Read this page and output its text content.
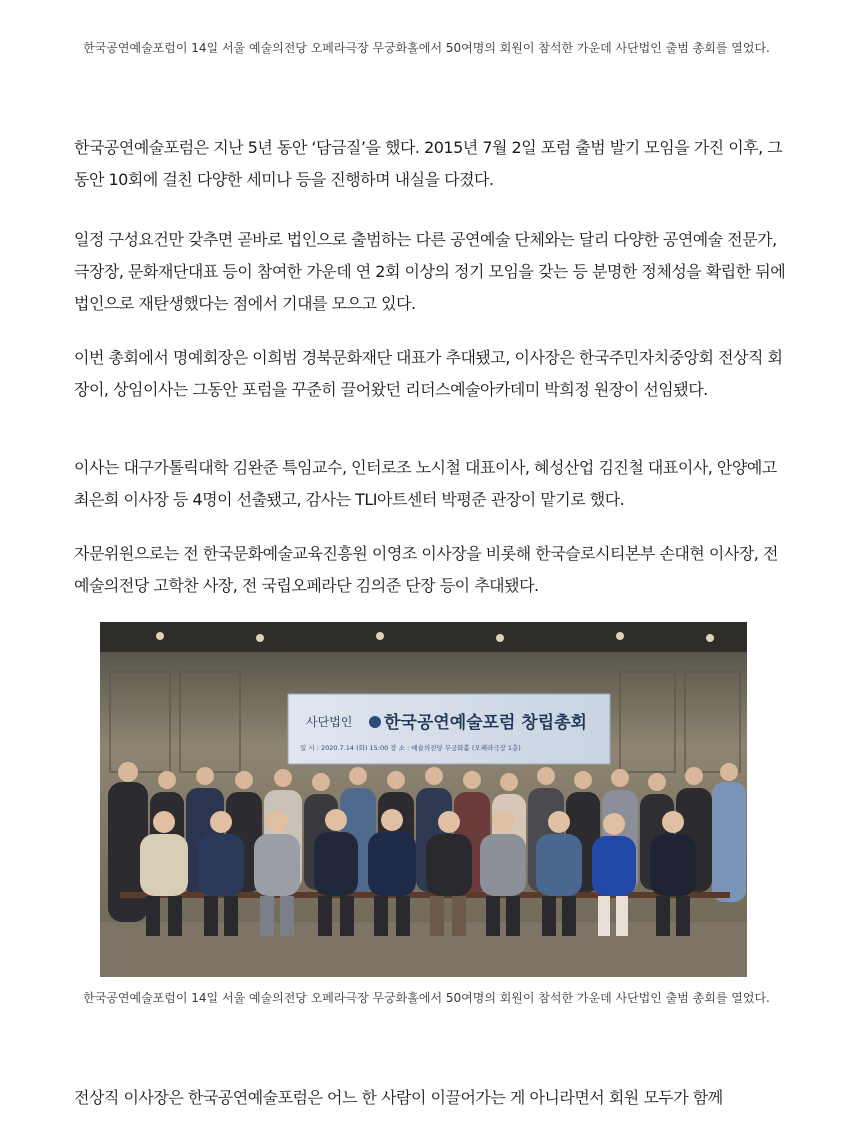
한국공연예술포럼이 14일 서울 예술의전당 오페라극장 무궁화홀에서 50여명의 회원이 참석한 가운데 사단법인 출범 총회를 열었다.

한국공연예술포럼은 지난 5년 동안 ‘담금질’을 했다. 2015년 7월 2일 포럼 출범 발기 모임을 가진 이후, 그동안 10회에 걸친 다양한 세미나 등을 진행하며 내실을 다졌다.

일정 구성요건만 갖추면 곧바로 법인으로 출범하는 다른 공연예술 단체와는 달리 다양한 공연예술 전문가, 극장장, 문화재단대표 등이 참여한 가운데 연 2회 이상의 정기 모임을 갖는 등 분명한 정체성을 확립한 뒤에 법인으로 재탄생했다는 점에서 기대를 모으고 있다.

이번 총회에서 명예회장은 이희범 경북문화재단 대표가 추대됐고, 이사장은 한국주민자치중앙회 전상직 회장이, 상임이사는 그동안 포럼을 꾸준히 끌어왔던 리더스예술아카데미 박희정 원장이 선임됐다.

이사는 대구가톨릭대학 김완준 특임교수, 인터로조 노시철 대표이사, 혜성산업 김진철 대표이사, 안양예고 최은희 이사장 등 4명이 선출됐고, 감사는 TLI아트센터 박평준 관장이 맡기로 했다.

자문위원으로는 전 한국문화예술교육진흥원 이영조 이사장을 비롯해 한국슬로시티본부 손대현 이사장, 전 예술의전당 고학찬 사장, 전 국립오페라단 김의준 단장 등이 추대됐다.

사단법인 한국공연예술포럼 창립총회
일 시 : 2020.7.14 (화) 15:00 장 소 : 예술의전당 무궁화홀 (오페라극장 1층)
한국공연예술포럼이 14일 서울 예술의전당 오페라극장 무궁화홀에서 50여명의 회원이 참석한 가운데 사단법인 출범 총회를 열었다.

전상직 이사장은 한국공연예술포럼은 어느 한 사람이 이끌어가는 게 아니라면서 회원 모두가 함께
